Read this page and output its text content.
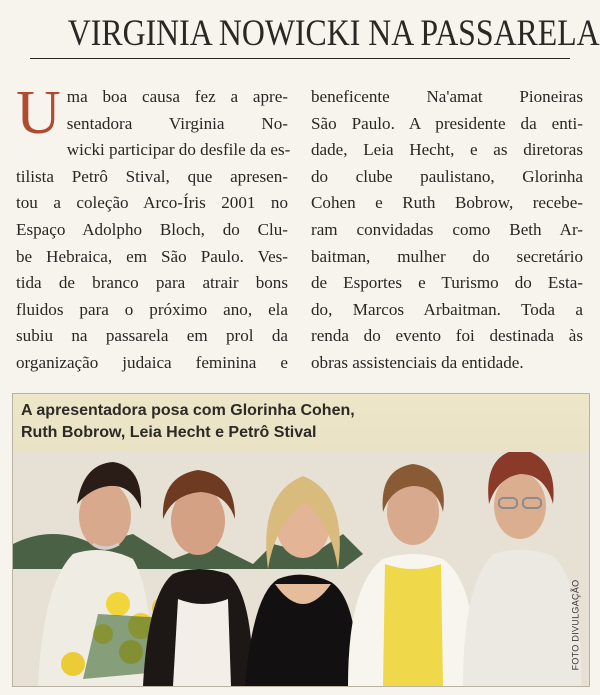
VIRGINIA NOWICKI NA PASSARELA
U ma boa causa fez a apre-
sentadora Virginia No-
wicki participar do desfile da es-
tilista Petrô Stival, que apresen-
tou a coleção Arco-Íris 2001 no
Espaço Adolpho Bloch, do Clu-
be Hebraica, em São Paulo. Ves-
tida de branco para atrair bons
fluidos para o próximo ano, ela
subiu na passarela em prol da
organização judaica feminina e
beneficente Na'amat Pioneiras
São Paulo. A presidente da enti-
dade, Leia Hecht, e as diretoras
do clube paulistano, Glorinha
Cohen e Ruth Bobrow, recebe-
ram convidadas como Beth Ar-
baitman, mulher do secretário
de Esportes e Turismo do Esta-
do, Marcos Arbaitman. Toda a
renda do evento foi destinada às
obras assistenciais da entidade.
A apresentadora posa com Glorinha Cohen,
Ruth Bobrow, Leia Hecht e Petrô Stival
FOTO DIVULGAÇÃO
